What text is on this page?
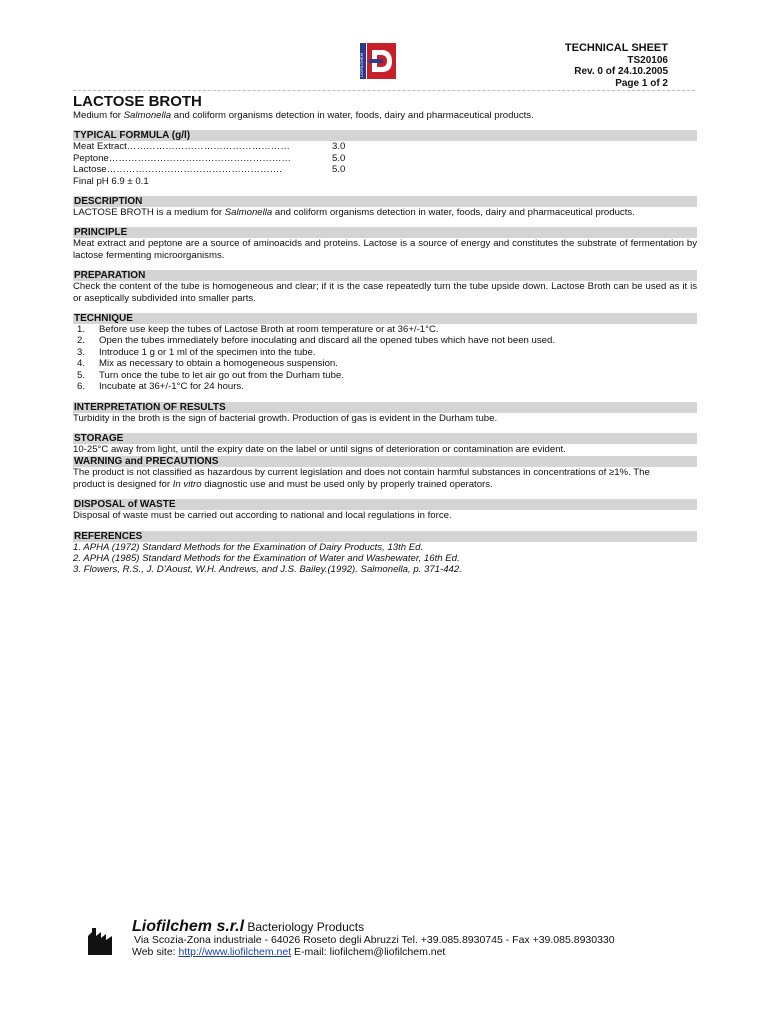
LIOFILCHEM
TECHNICAL SHEET
TS20106
Rev. 0 of 24.10.2005
Page 1 of 2
LACTOSE BROTH

Medium for Salmonella and coliform organisms detection in water, foods, dairy and pharmaceutical products.

TYPICAL FORMULA (g/l)
Meat Extract……………………………………………	3.0
Peptone…………………………………………………	5.0
Lactose……………………………………………….	5.0

Final pH 6.9 ± 0.1

DESCRIPTION

LACTOSE BROTH is a medium for Salmonella and coliform organisms detection in water, foods, dairy and pharmaceutical products.

PRINCIPLE

Meat extract and peptone are a source of aminoacids and proteins. Lactose is a source of energy and constitutes the substrate of fermentation by lactose fermenting microorganisms.

PREPARATION

Check the content of the tube is homogeneous and clear; if it is the case repeatedly turn the tube upside down. Lactose Broth can be used as it is or aseptically subdivided into smaller parts.

TECHNIQUE
1.	Before use keep the tubes of Lactose Broth at room temperature or at 36+/-1°C.
2.	Open the tubes immediately before inoculating and discard all the opened tubes which have not been used.
3.	Introduce 1 g or 1 ml of the specimen into the tube.
4.	Mix as necessary to obtain a homogeneous suspension.
5.	Turn once the tube to let air go out from the Durham tube.
6.	Incubate at 36+/-1°C for 24 hours.
INTERPRETATION OF RESULTS

Turbidity in the broth is the sign of bacterial growth. Production of gas is evident in the Durham tube.

STORAGE

10-25°C away from light, until the expiry date on the label or until signs of deterioration or contamination are evident.

WARNING and PRECAUTIONS

The product is not classified as hazardous by current legislation and does not contain harmful substances in concentrations of ≥1%. The

product is designed for In vitro diagnostic use and must be used only by properly trained operators.

DISPOSAL of WASTE

Disposal of waste must be carried out according to national and local regulations in force.

REFERENCES

1. APHA (1972) Standard Methods for the Examination of Dairy Products, 13th Ed.

2. APHA (1985) Standard Methods for the Examination of Water and Washewater, 16th Ed.

3. Flowers, R.S., J. D’Aoust, W.H. Andrews, and J.S. Bailey.(1992). Salmonella, p. 371-442.

Liofilchem s.r.l Bacteriology Products
Via Scozia-Zona industriale - 64026 Roseto degli Abruzzi Tel. +39.085.8930745 - Fax +39.085.8930330
Web site: http://www.liofilchem.net E-mail: liofilchem@liofilchem.net
